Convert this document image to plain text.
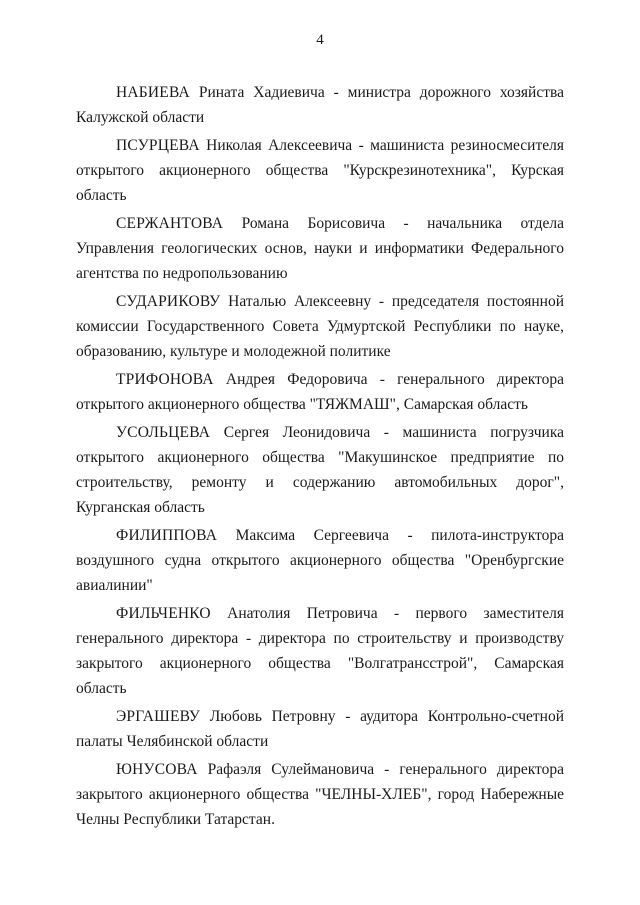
4

НАБИЕВА Рината Хадиевича - министра дорожного хозяйства Калужской области

ПСУРЦЕВА Николая Алексеевича - машиниста резиносмесителя открытого акционерного общества "Курскрезинотехника", Курская область

СЕРЖАНТОВА Романа Борисовича - начальника отдела Управления геологических основ, науки и информатики Федерального агентства по недропользованию

СУДАРИКОВУ Наталью Алексеевну - председателя постоянной комиссии Государственного Совета Удмуртской Республики по науке, образованию, культуре и молодежной политике

ТРИФОНОВА Андрея Федоровича - генерального директора открытого акционерного общества "ТЯЖМАШ", Самарская область

УСОЛЬЦЕВА Сергея Леонидовича - машиниста погрузчика открытого акционерного общества "Макушинское предприятие по строительству, ремонту и содержанию автомобильных дорог", Курганская область

ФИЛИППОВА Максима Сергеевича - пилота-инструктора воздушного судна открытого акционерного общества "Оренбургские авиалинии"

ФИЛЬЧЕНКО Анатолия Петровича - первого заместителя генерального директора - директора по строительству и производству закрытого акционерного общества "Волгатрансстрой", Самарская область

ЭРГАШЕВУ Любовь Петровну - аудитора Контрольно-счетной палаты Челябинской области

ЮНУСОВА Рафаэля Сулеймановича - генерального директора закрытого акционерного общества "ЧЕЛНЫ-ХЛЕБ", город Набережные Челны Республики Татарстан.
